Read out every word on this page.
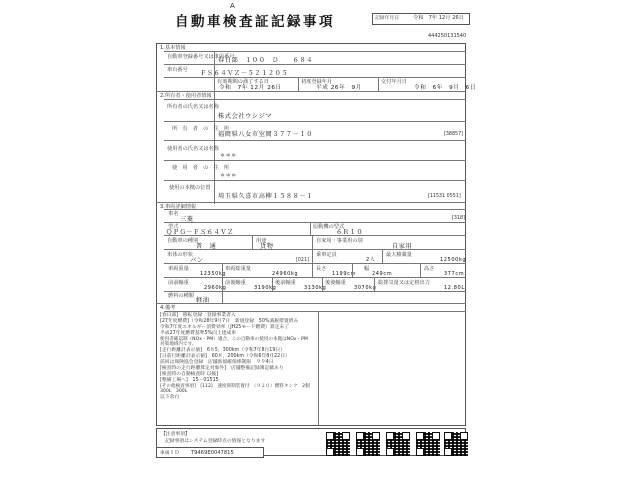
A
自動車検査証記録事項	記録年月日	令和　7年 12月 26日
444250131540
1.基本情報
自動車登録番号又は車両番号
春日部　１００　ひ　　６８４
車台番号 ＦＳ６４ＶＺ－５２１２０５
有効期間の満了する日
令和　7年 12月 26日
初度登録年月
平成 26年　9月
交付年月日
令和　6年　9月　6日
2.所有者・使用者情報
所有者の氏名又は名称
株式会社ウシジマ
所　有　者　の　住　所
福岡県八女市室岡３７７－１０	[38857]
使用者の氏名又は名称
＊＊＊
使　用　者　の　住　所
＊＊＊
使用の本拠の位置
埼玉県久喜市高柳１５８８－１	[11531 0551]
3.車両詳細情報
車名
三菱	[318]
型式
ＱＰＧ－ＦＳ６４ＶＺ
原動機の型式
６Ｒ１０
自動車の種別
普　通
用途
貨物
自家用・事業用の別
自家用
車体の形状
バン	[021]
乗車定員
2人
最大積載量
12500kg
車両重量
12350kg
車両総重量
24960kg
長さ
1199cm
幅
249cm
高さ
377cm
前前軸重
2960kg
前後軸重
3190kg
後前軸重
3130kg
後後軸重
3070kg
総排気量又は定格出力
12.80L
燃料の種類
軽油
4.備考
[春日部]　移転登録　登録事業者入
[27年度燃費]（令和28年9月7日　新規登録　50%減税措置済み
令和7年度エネルギー消費効率（JH25モード燃費）算定末了
平成27年度燃費基準5%向上達成車
使用者確認制（NOx・PM）適合。この自動車の使用の本拠はNOx・PM対策地域内です。
[走行距離計表示値]　6８5，300km（令和7年8月19日）
[日前行距離計表示値]　60８，200km（令和6年8月22日）
前回は保険協会登録　店舗新規確保係制限　９９4日
[検査時の走行距離算定対象外]　店舗整備記録簿記載あり
[検査時の自動検査時 以後]
[整備工場へ]　15－01515
[その他検査事項]　[112]　速度抑制装置付　（９２０）燃料タンク　2個　300L　300L
以下余白
【注意事項】
記録事項はシステム登録時点の情報となります
車両ＩＤ T9469E0047815
